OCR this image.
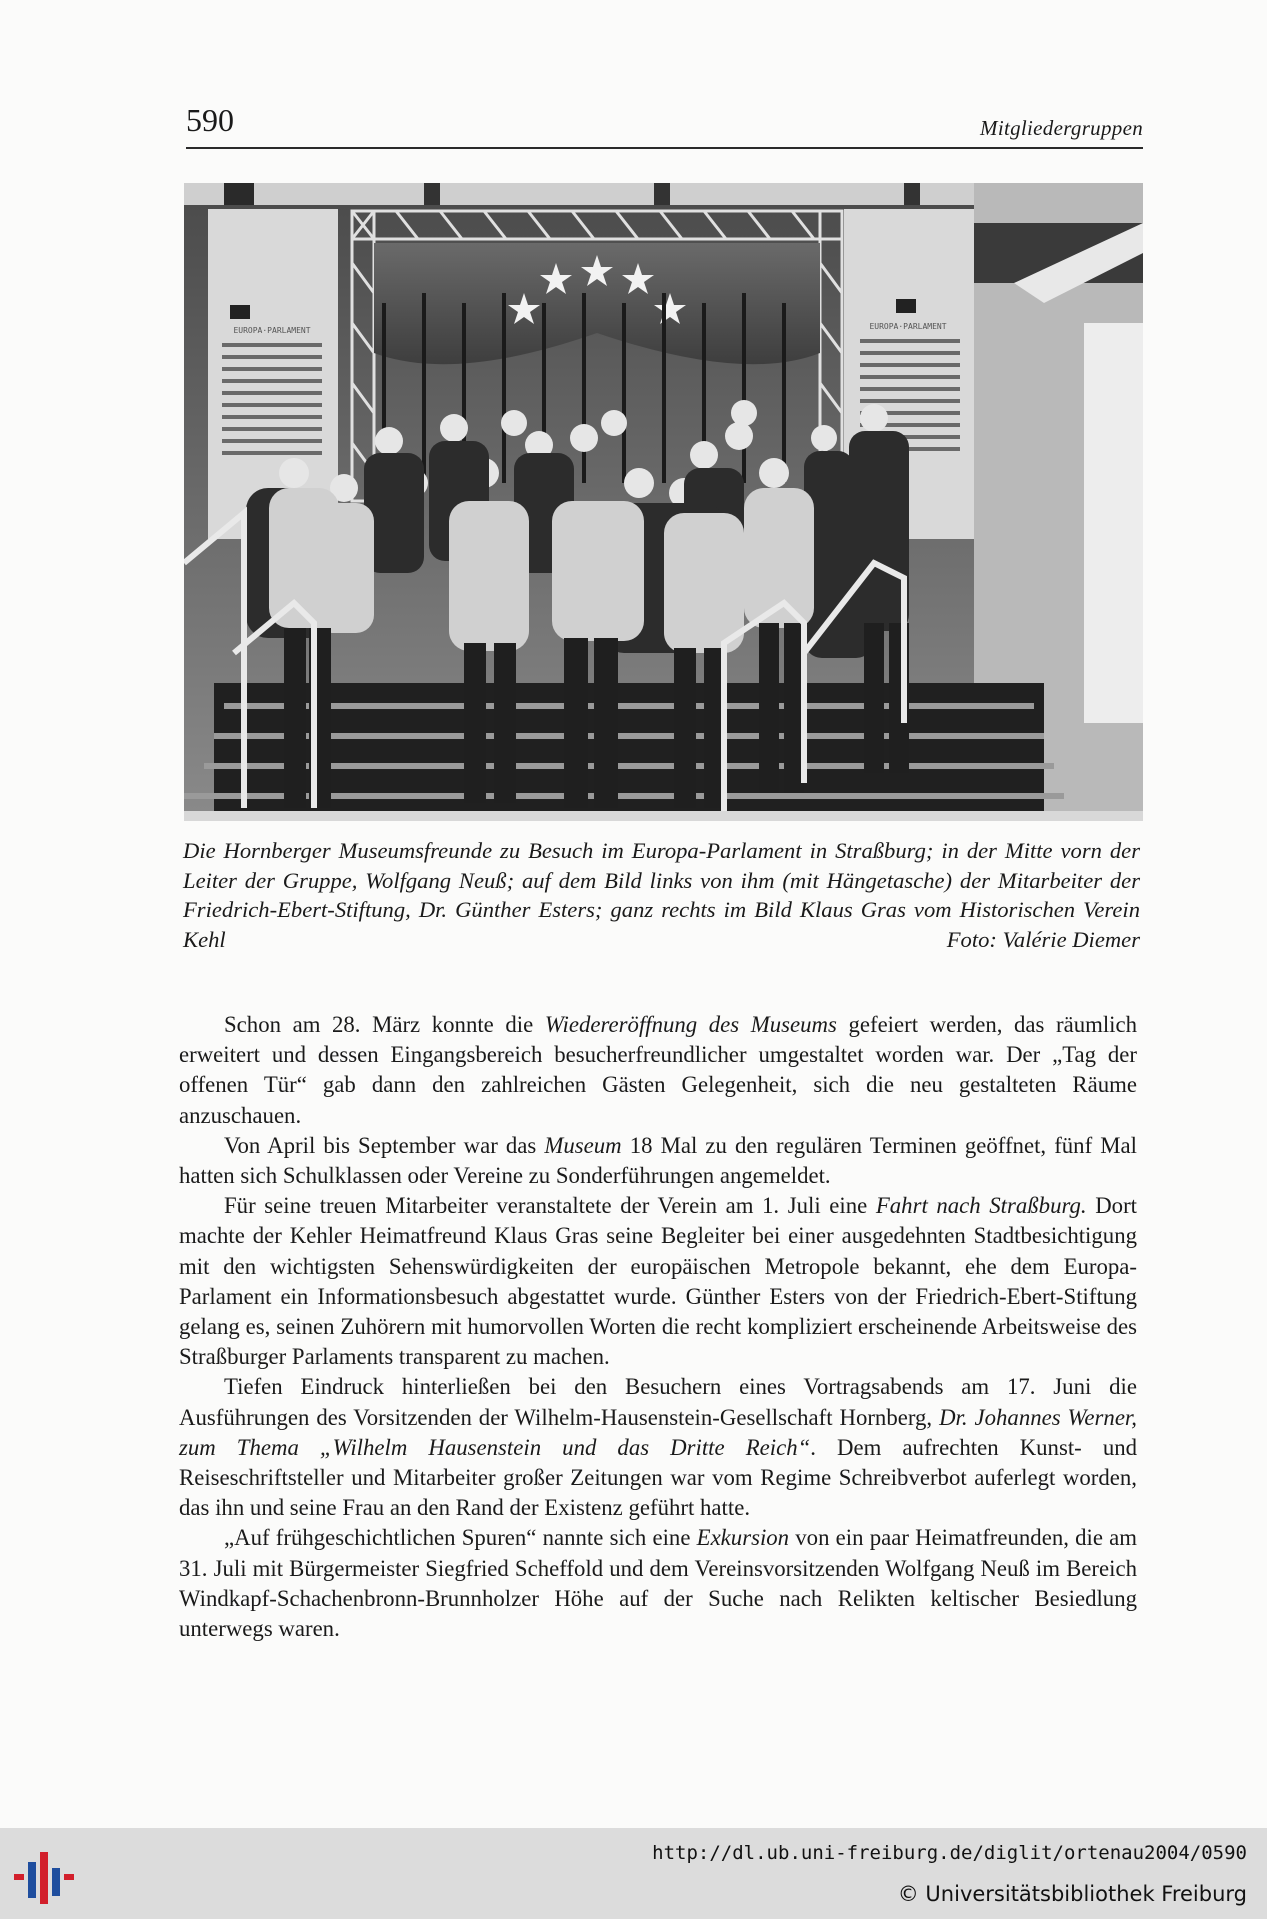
590	Mitgliedergruppen
EUROPA·PARLAMENT	EUROPA·PARLAMENT

Die Hornberger Museumsfreunde zu Besuch im Europa-Parlament in Straßburg; in der Mitte vorn der Leiter der Gruppe, Wolfgang Neuß; auf dem Bild links von ihm (mit Hängetasche) der Mitarbeiter der Friedrich-Ebert-Stiftung, Dr. Günther Esters; ganz rechts im Bild Klaus Gras vom Historischen Verein Kehl	Foto: Valérie Diemer

Schon am 28. März konnte die Wiedereröffnung des Museums gefeiert werden, das räumlich erweitert und dessen Eingangsbereich besucherfreundlicher umgestaltet worden war. Der „Tag der offenen Tür“ gab dann den zahlreichen Gästen Gelegenheit, sich die neu gestalteten Räume anzuschauen.

Von April bis September war das Museum 18 Mal zu den regulären Terminen geöffnet, fünf Mal hatten sich Schulklassen oder Vereine zu Sonderführungen angemeldet.

Für seine treuen Mitarbeiter veranstaltete der Verein am 1. Juli eine Fahrt nach Straßburg. Dort machte der Kehler Heimatfreund Klaus Gras seine Begleiter bei einer ausgedehnten Stadtbesichtigung mit den wichtigsten Sehenswürdigkeiten der europäischen Metropole bekannt, ehe dem Europa-Parlament ein Informationsbesuch abgestattet wurde. Günther Esters von der Friedrich-Ebert-Stiftung gelang es, seinen Zuhörern mit humorvollen Worten die recht kompliziert erscheinende Arbeitsweise des Straßburger Parlaments transparent zu machen.

Tiefen Eindruck hinterließen bei den Besuchern eines Vortragsabends am 17. Juni die Ausführungen des Vorsitzenden der Wilhelm-Hausenstein-Gesellschaft Hornberg, Dr. Johannes Werner, zum Thema „Wilhelm Hausenstein und das Dritte Reich“. Dem aufrechten Kunst- und Reiseschriftsteller und Mitarbeiter großer Zeitungen war vom Regime Schreibverbot auferlegt worden, das ihn und seine Frau an den Rand der Existenz geführt hatte.

„Auf frühgeschichtlichen Spuren“ nannte sich eine Exkursion von ein paar Heimatfreunden, die am 31. Juli mit Bürgermeister Siegfried Scheffold und dem Vereinsvorsitzenden Wolfgang Neuß im Bereich Windkapf-Schachenbronn-Brunnholzer Höhe auf der Suche nach Relikten keltischer Besiedlung unterwegs waren.

http://dl.ub.uni-freiburg.de/diglit/ortenau2004/0590
© Universitätsbibliothek Freiburg
